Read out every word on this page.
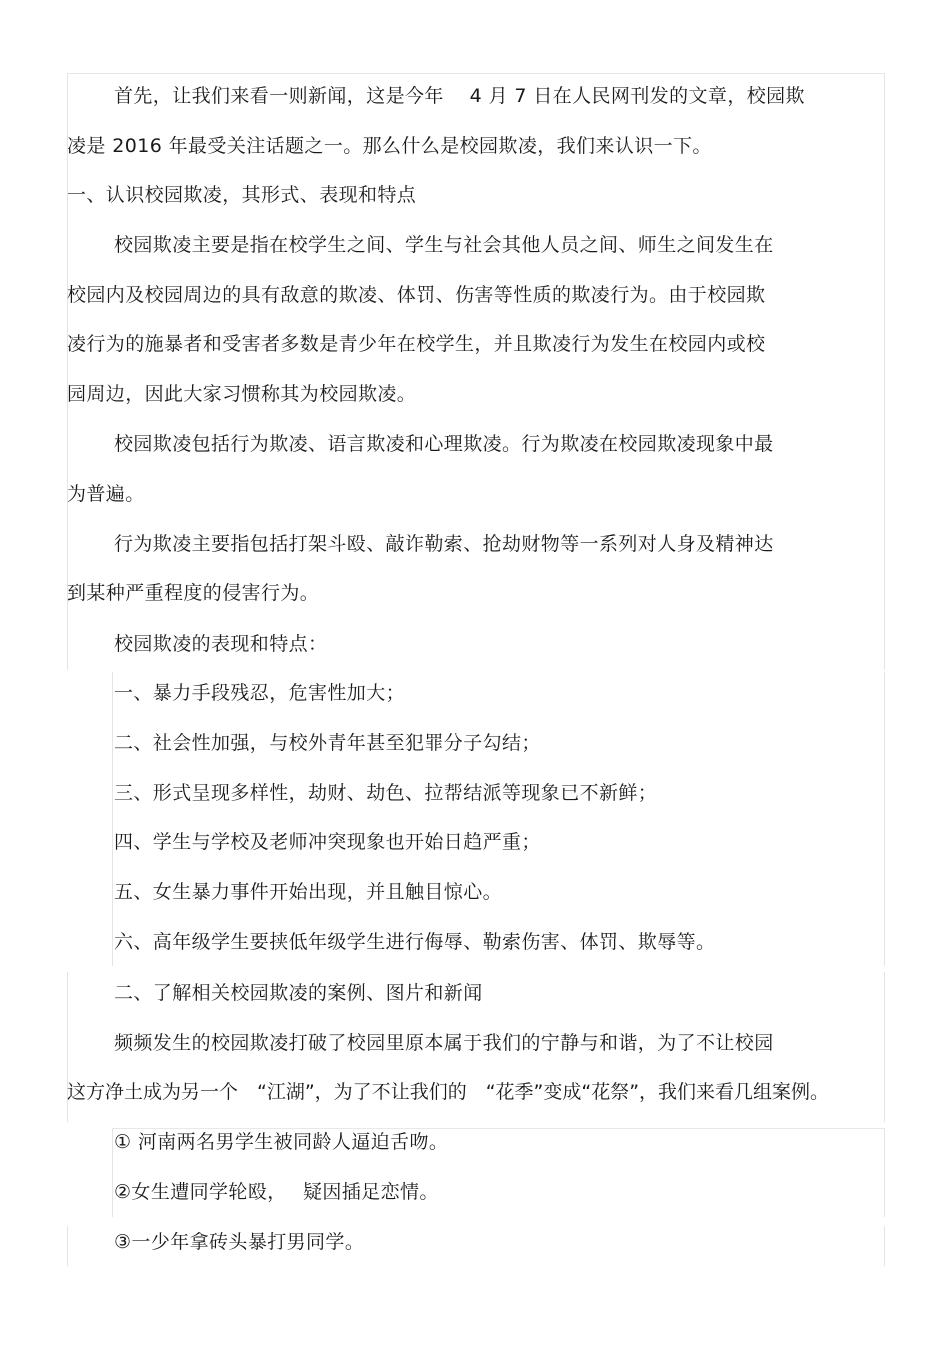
首先，让我们来看一则新闻，这是今年　 4 月 7 日在人民网刊发的文章，校园欺
凌是 2016 年最受关注话题之一。那么什么是校园欺凌，我们来认识一下。
一、认识校园欺凌，其形式、表现和特点
校园欺凌主要是指在校学生之间、学生与社会其他人员之间、师生之间发生在
校园内及校园周边的具有敌意的欺凌、体罚、伤害等性质的欺凌行为。由于校园欺
凌行为的施暴者和受害者多数是青少年在校学生，并且欺凌行为发生在校园内或校
园周边，因此大家习惯称其为校园欺凌。
校园欺凌包括行为欺凌、语言欺凌和心理欺凌。行为欺凌在校园欺凌现象中最
为普遍。
行为欺凌主要指包括打架斗殴、敲诈勒索、抢劫财物等一系列对人身及精神达
到某种严重程度的侵害行为。
校园欺凌的表现和特点：
一、暴力手段残忍，危害性加大；
二、社会性加强，与校外青年甚至犯罪分子勾结；
三、形式呈现多样性，劫财、劫色、拉帮结派等现象已不新鲜；
四、学生与学校及老师冲突现象也开始日趋严重；
五、女生暴力事件开始出现，并且触目惊心。
六、高年级学生要挟低年级学生进行侮辱、勒索伤害、体罚、欺辱等。
二、了解相关校园欺凌的案例、图片和新闻
频频发生的校园欺凌打破了校园里原本属于我们的宁静与和谐，为了不让校园
这方净土成为另一个　“江湖”，为了不让我们的　“花季”变成“花祭”，我们来看几组案例。
① 河南两名男学生被同龄人逼迫舌吻。
②女生遭同学轮殴，　 疑因插足恋情。
③一少年拿砖头暴打男同学。
